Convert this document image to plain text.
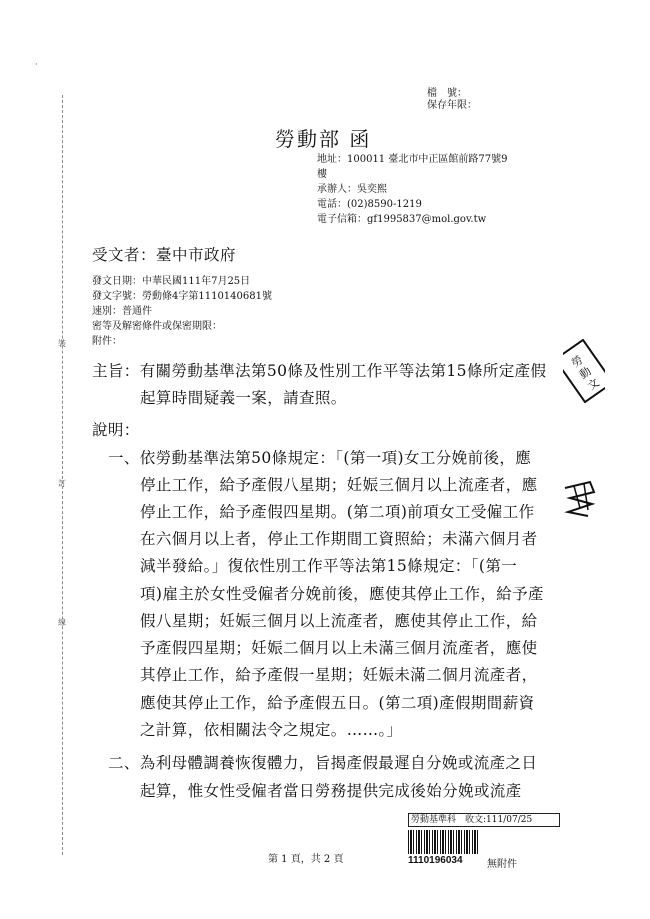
裝
訂
線
·
檔　號：
保存年限：
勞動部 函
地址：100011 臺北市中正區館前路77號9
樓
承辦人：吳奕熙
電話：(02)8590-1219
電子信箱：gf1995837@mol.gov.tw
受文者：臺中市政府
發文日期：中華民國111年7月25日
發文字號：勞動條4字第1110140681號
速別：普通件
密等及解密條件或保密期限：
附件：
主旨：有關勞動基準法第50條及性別工作平等法第15條所定產假
起算時間疑義一案，請查照。
說明：
一、依勞動基準法第50條規定：「(第一項)女工分娩前後，應
停止工作，給予產假八星期；妊娠三個月以上流產者，應
停止工作，給予產假四星期。(第二項)前項女工受僱工作
在六個月以上者，停止工作期間工資照給；未滿六個月者
減半發給。」復依性別工作平等法第15條規定：「(第一
項)雇主於女性受僱者分娩前後，應使其停止工作，給予產
假八星期；妊娠三個月以上流產者，應使其停止工作，給
予產假四星期；妊娠二個月以上未滿三個月流產者，應使
其停止工作，給予產假一星期；妊娠未滿二個月流產者，
應使其停止工作，給予產假五日。(第二項)產假期間薪資
之計算，依相關法令之規定。……。」
二、為利母體調養恢復體力，旨揭產假最遲自分娩或流產之日
起算，惟女性受僱者當日勞務提供完成後始分娩或流產
勞
動
文
勞動基準科　收文:111/07/25
1110196034 無附件
第 1 頁，共 2 頁
